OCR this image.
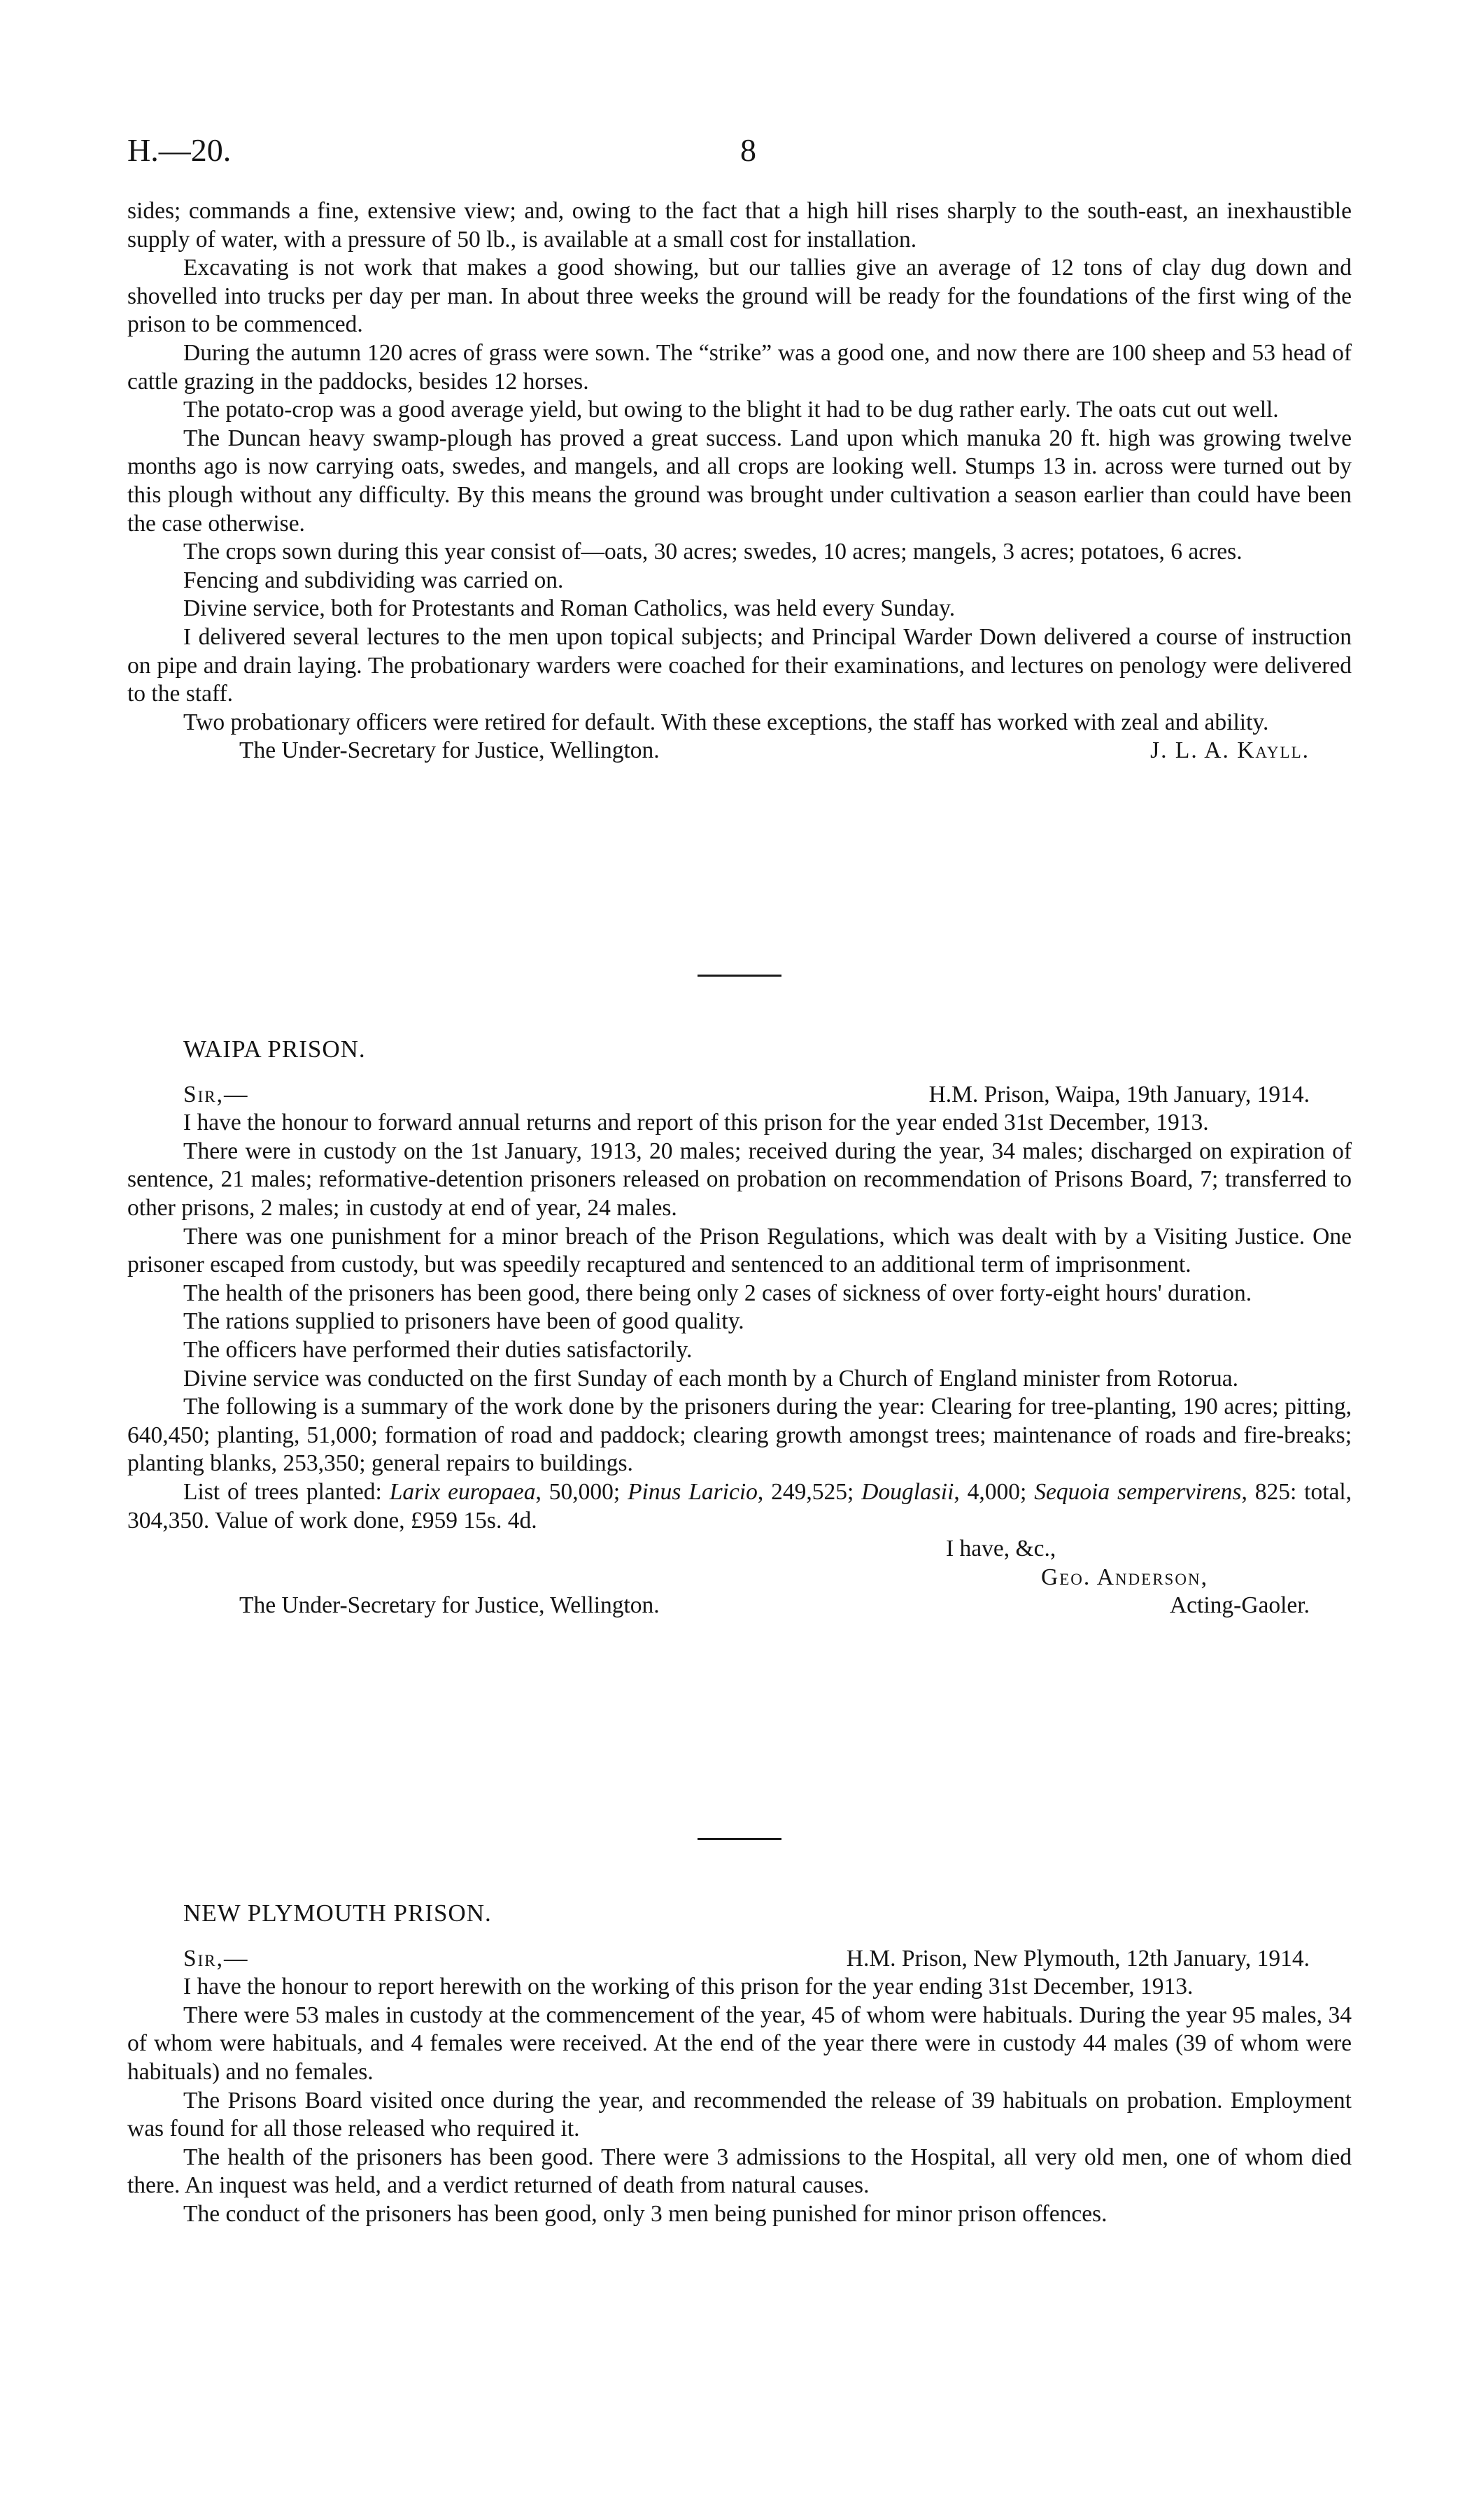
H.—20.	8

sides; commands a fine, extensive view; and, owing to the fact that a high hill rises sharply to the south-east, an inexhaustible supply of water, with a pressure of 50 lb., is available at a small cost for installation.

Excavating is not work that makes a good showing, but our tallies give an average of 12 tons of clay dug down and shovelled into trucks per day per man. In about three weeks the ground will be ready for the foundations of the first wing of the prison to be commenced.

During the autumn 120 acres of grass were sown. The “strike” was a good one, and now there are 100 sheep and 53 head of cattle grazing in the paddocks, besides 12 horses.

The potato-crop was a good average yield, but owing to the blight it had to be dug rather early. The oats cut out well.

The Duncan heavy swamp-plough has proved a great success. Land upon which manuka 20 ft. high was growing twelve months ago is now carrying oats, swedes, and mangels, and all crops are looking well. Stumps 13 in. across were turned out by this plough without any difficulty. By this means the ground was brought under cultivation a season earlier than could have been the case otherwise.

The crops sown during this year consist of—oats, 30 acres; swedes, 10 acres; mangels, 3 acres; potatoes, 6 acres.

Fencing and subdividing was carried on.

Divine service, both for Protestants and Roman Catholics, was held every Sunday.

I delivered several lectures to the men upon topical subjects; and Principal Warder Down delivered a course of instruction on pipe and drain laying. The probationary warders were coached for their examinations, and lectures on penology were delivered to the staff.

Two probationary officers were retired for default. With these exceptions, the staff has worked with zeal and ability.

The Under-Secretary for Justice, Wellington.	J. L. A. Kayll.

WAIPA PRISON.

Sir,—	H.M. Prison, Waipa, 19th January, 1914.

I have the honour to forward annual returns and report of this prison for the year ended 31st December, 1913.

There were in custody on the 1st January, 1913, 20 males; received during the year, 34 males; discharged on expiration of sentence, 21 males; reformative-detention prisoners released on probation on recommendation of Prisons Board, 7; transferred to other prisons, 2 males; in custody at end of year, 24 males.

There was one punishment for a minor breach of the Prison Regulations, which was dealt with by a Visiting Justice. One prisoner escaped from custody, but was speedily recaptured and sentenced to an additional term of imprisonment.

The health of the prisoners has been good, there being only 2 cases of sickness of over forty-eight hours' duration.

The rations supplied to prisoners have been of good quality.

The officers have performed their duties satisfactorily.

Divine service was conducted on the first Sunday of each month by a Church of England minister from Rotorua.

The following is a summary of the work done by the prisoners during the year: Clearing for tree-planting, 190 acres; pitting, 640,450; planting, 51,000; formation of road and paddock; clearing growth amongst trees; maintenance of roads and fire-breaks; planting blanks, 253,350; general repairs to buildings.

List of trees planted: Larix europaea, 50,000; Pinus Laricio, 249,525; Douglasii, 4,000; Sequoia sempervirens, 825: total, 304,350. Value of work done, £959 15s. 4d.

I have, &c.,

Geo. Anderson,

The Under-Secretary for Justice, Wellington.	Acting-Gaoler.

NEW PLYMOUTH PRISON.

Sir,—	H.M. Prison, New Plymouth, 12th January, 1914.

I have the honour to report herewith on the working of this prison for the year ending 31st December, 1913.

There were 53 males in custody at the commencement of the year, 45 of whom were habituals. During the year 95 males, 34 of whom were habituals, and 4 females were received. At the end of the year there were in custody 44 males (39 of whom were habituals) and no females.

The Prisons Board visited once during the year, and recommended the release of 39 habituals on probation. Employment was found for all those released who required it.

The health of the prisoners has been good. There were 3 admissions to the Hospital, all very old men, one of whom died there. An inquest was held, and a verdict returned of death from natural causes.

The conduct of the prisoners has been good, only 3 men being punished for minor prison offences.
